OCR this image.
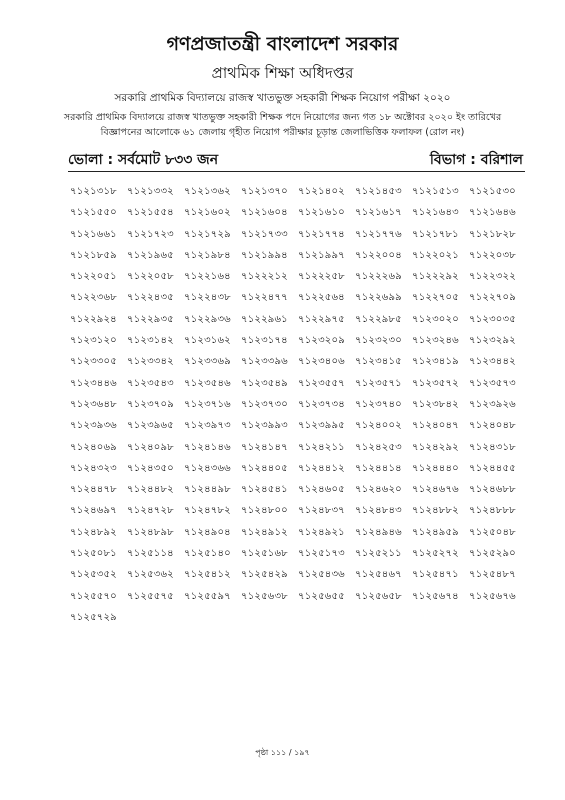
গণপ্রজাতন্ত্রী বাংলাদেশ সরকার
প্রাথমিক শিক্ষা অধিদপ্তর
সরকারি প্রাথমিক বিদ্যালয়ে রাজস্ব খাতভুক্ত সহকারী শিক্ষক নিয়োগ পরীক্ষা ২০২০
সরকারি প্রাথমিক বিদ্যালয়ে রাজস্ব খাতভুক্ত সহকারী শিক্ষক পদে নিয়োগের জন্য গত ১৮ অক্টোবর ২০২০ ইং তারিখের
বিজ্ঞাপনের আলোকে ৬১ জেলায় গৃহীত নিয়োগ পরীক্ষার চূড়ান্ত জেলাভিত্তিক ফলাফল (রোল নং)
ভোলা : সর্বমোট ৮৩৩ জন	বিভাগ : বরিশাল
৭১২১৩১৮	৭১২১৩৩২	৭১২১৩৬২	৭১২১৩৭০	৭১২১৪০২	৭১২১৪৫৩	৭১২১৫১৩	৭১২১৫৩০
৭১২১৫৫০	৭১২১৫৫৪	৭১২১৬০২	৭১২১৬০৪	৭১২১৬১০	৭১২১৬১৭	৭১২১৬৪৩	৭১২১৬৪৬
৭১২১৬৬১	৭১২১৭২৩	৭১২১৭২৯	৭১২১৭৩৩	৭১২১৭৭৪	৭১২১৭৭৬	৭১২১৭৮১	৭১২১৮২৮
৭১২১৮৫৯	৭১২১৯৬৫	৭১২১৯৮৪	৭১২১৯৯৪	৭১২১৯৯৭	৭১২২০০৪	৭১২২০২১	৭১২২০৩৮
৭১২২০৫১	৭১২২০৫৮	৭১২২১৬৪	৭১২২২১২	৭১২২২৫৮	৭১২২২৬৯	৭১২২২৯২	৭১২২৩২২
৭১২২৩৬৮	৭১২২৪৩৫	৭১২২৪৩৮	৭১২২৪৭৭	৭১২২৫৬৪	৭১২২৬৯৯	৭১২২৭০৫	৭১২২৭০৯
৭১২২৯২৪	৭১২২৯৩৫	৭১২২৯৩৬	৭১২২৯৬১	৭১২২৯৭৫	৭১২২৯৮৫	৭১২৩০২০	৭১২৩০৩৫
৭১২৩১২০	৭১২৩১৪২	৭১২৩১৬২	৭১২৩১৭৪	৭১২৩২০৯	৭১২৩২৩০	৭১২৩২৪৬	৭১২৩২৯২
৭১২৩৩০৫	৭১২৩৩৪২	৭১২৩৩৬৯	৭১২৩৩৯৬	৭১২৩৪০৬	৭১২৩৪১৫	৭১২৩৪১৯	৭১২৩৪৪২
৭১২৩৪৪৬	৭১২৩৫৪৩	৭১২৩৫৪৬	৭১২৩৫৪৯	৭১২৩৫৫৭	৭১২৩৫৭১	৭১২৩৫৭২	৭১২৩৫৭৩
৭১২৩৬৪৮	৭১২৩৭০৯	৭১২৩৭১৬	৭১২৩৭৩০	৭১২৩৭৩৪	৭১২৩৭৪০	৭১২৩৮৪২	৭১২৩৯২৬
৭১২৩৯৩৬	৭১২৩৯৬৫	৭১২৩৯৭৩	৭১২৩৯৯৩	৭১২৩৯৯৫	৭১২৪০০২	৭১২৪০৪৭	৭১২৪০৪৮
৭১২৪০৬৯	৭১২৪০৯৮	৭১২৪১৪৬	৭১২৪১৪৭	৭১২৪২১১	৭১২৪২৫৩	৭১২৪২৯২	৭১২৪৩১৮
৭১২৪৩২৩	৭১২৪৩৫০	৭১২৪৩৬৬	৭১২৪৪০৫	৭১২৪৪১২	৭১২৪৪১৪	৭১২৪৪৪০	৭১২৪৪৫৫
৭১২৪৪৭৮	৭১২৪৪৮২	৭১২৪৪৯৮	৭১২৪৫৪১	৭১২৪৬০৫	৭১২৪৬২০	৭১২৪৬৭৬	৭১২৪৬৮৮
৭১২৪৬৯৭	৭১২৪৭২৮	৭১২৪৭৮২	৭১২৪৮০০	৭১২৪৮৩৭	৭১২৪৮৪৩	৭১২৪৮৮২	৭১২৪৮৮৮
৭১২৪৮৯২	৭১২৪৮৯৮	৭১২৪৯০৪	৭১২৪৯১২	৭১২৪৯২১	৭১২৪৯৪৬	৭১২৪৯৫৯	৭১২৫০৪৮
৭১২৫০৮১	৭১২৫১১৪	৭১২৫১৪০	৭১২৫১৬৮	৭১২৫১৭৩	৭১২৫২১১	৭১২৫২৭২	৭১২৫২৯০
৭১২৫৩৫২	৭১২৫৩৬২	৭১২৫৪১২	৭১২৫৪২৯	৭১২৫৪৩৬	৭১২৫৪৬৭	৭১২৫৪৭১	৭১২৫৪৮৭
৭১২৫৫৭০	৭১২৫৫৭৫	৭১২৫৫৯৭	৭১২৫৬৩৮	৭১২৫৬৫৫	৭১২৫৬৫৮	৭১২৫৬৭৪	৭১২৫৬৭৬
৭১২৫৭২৯
পৃষ্ঠা ১১১ / ১৯৭
